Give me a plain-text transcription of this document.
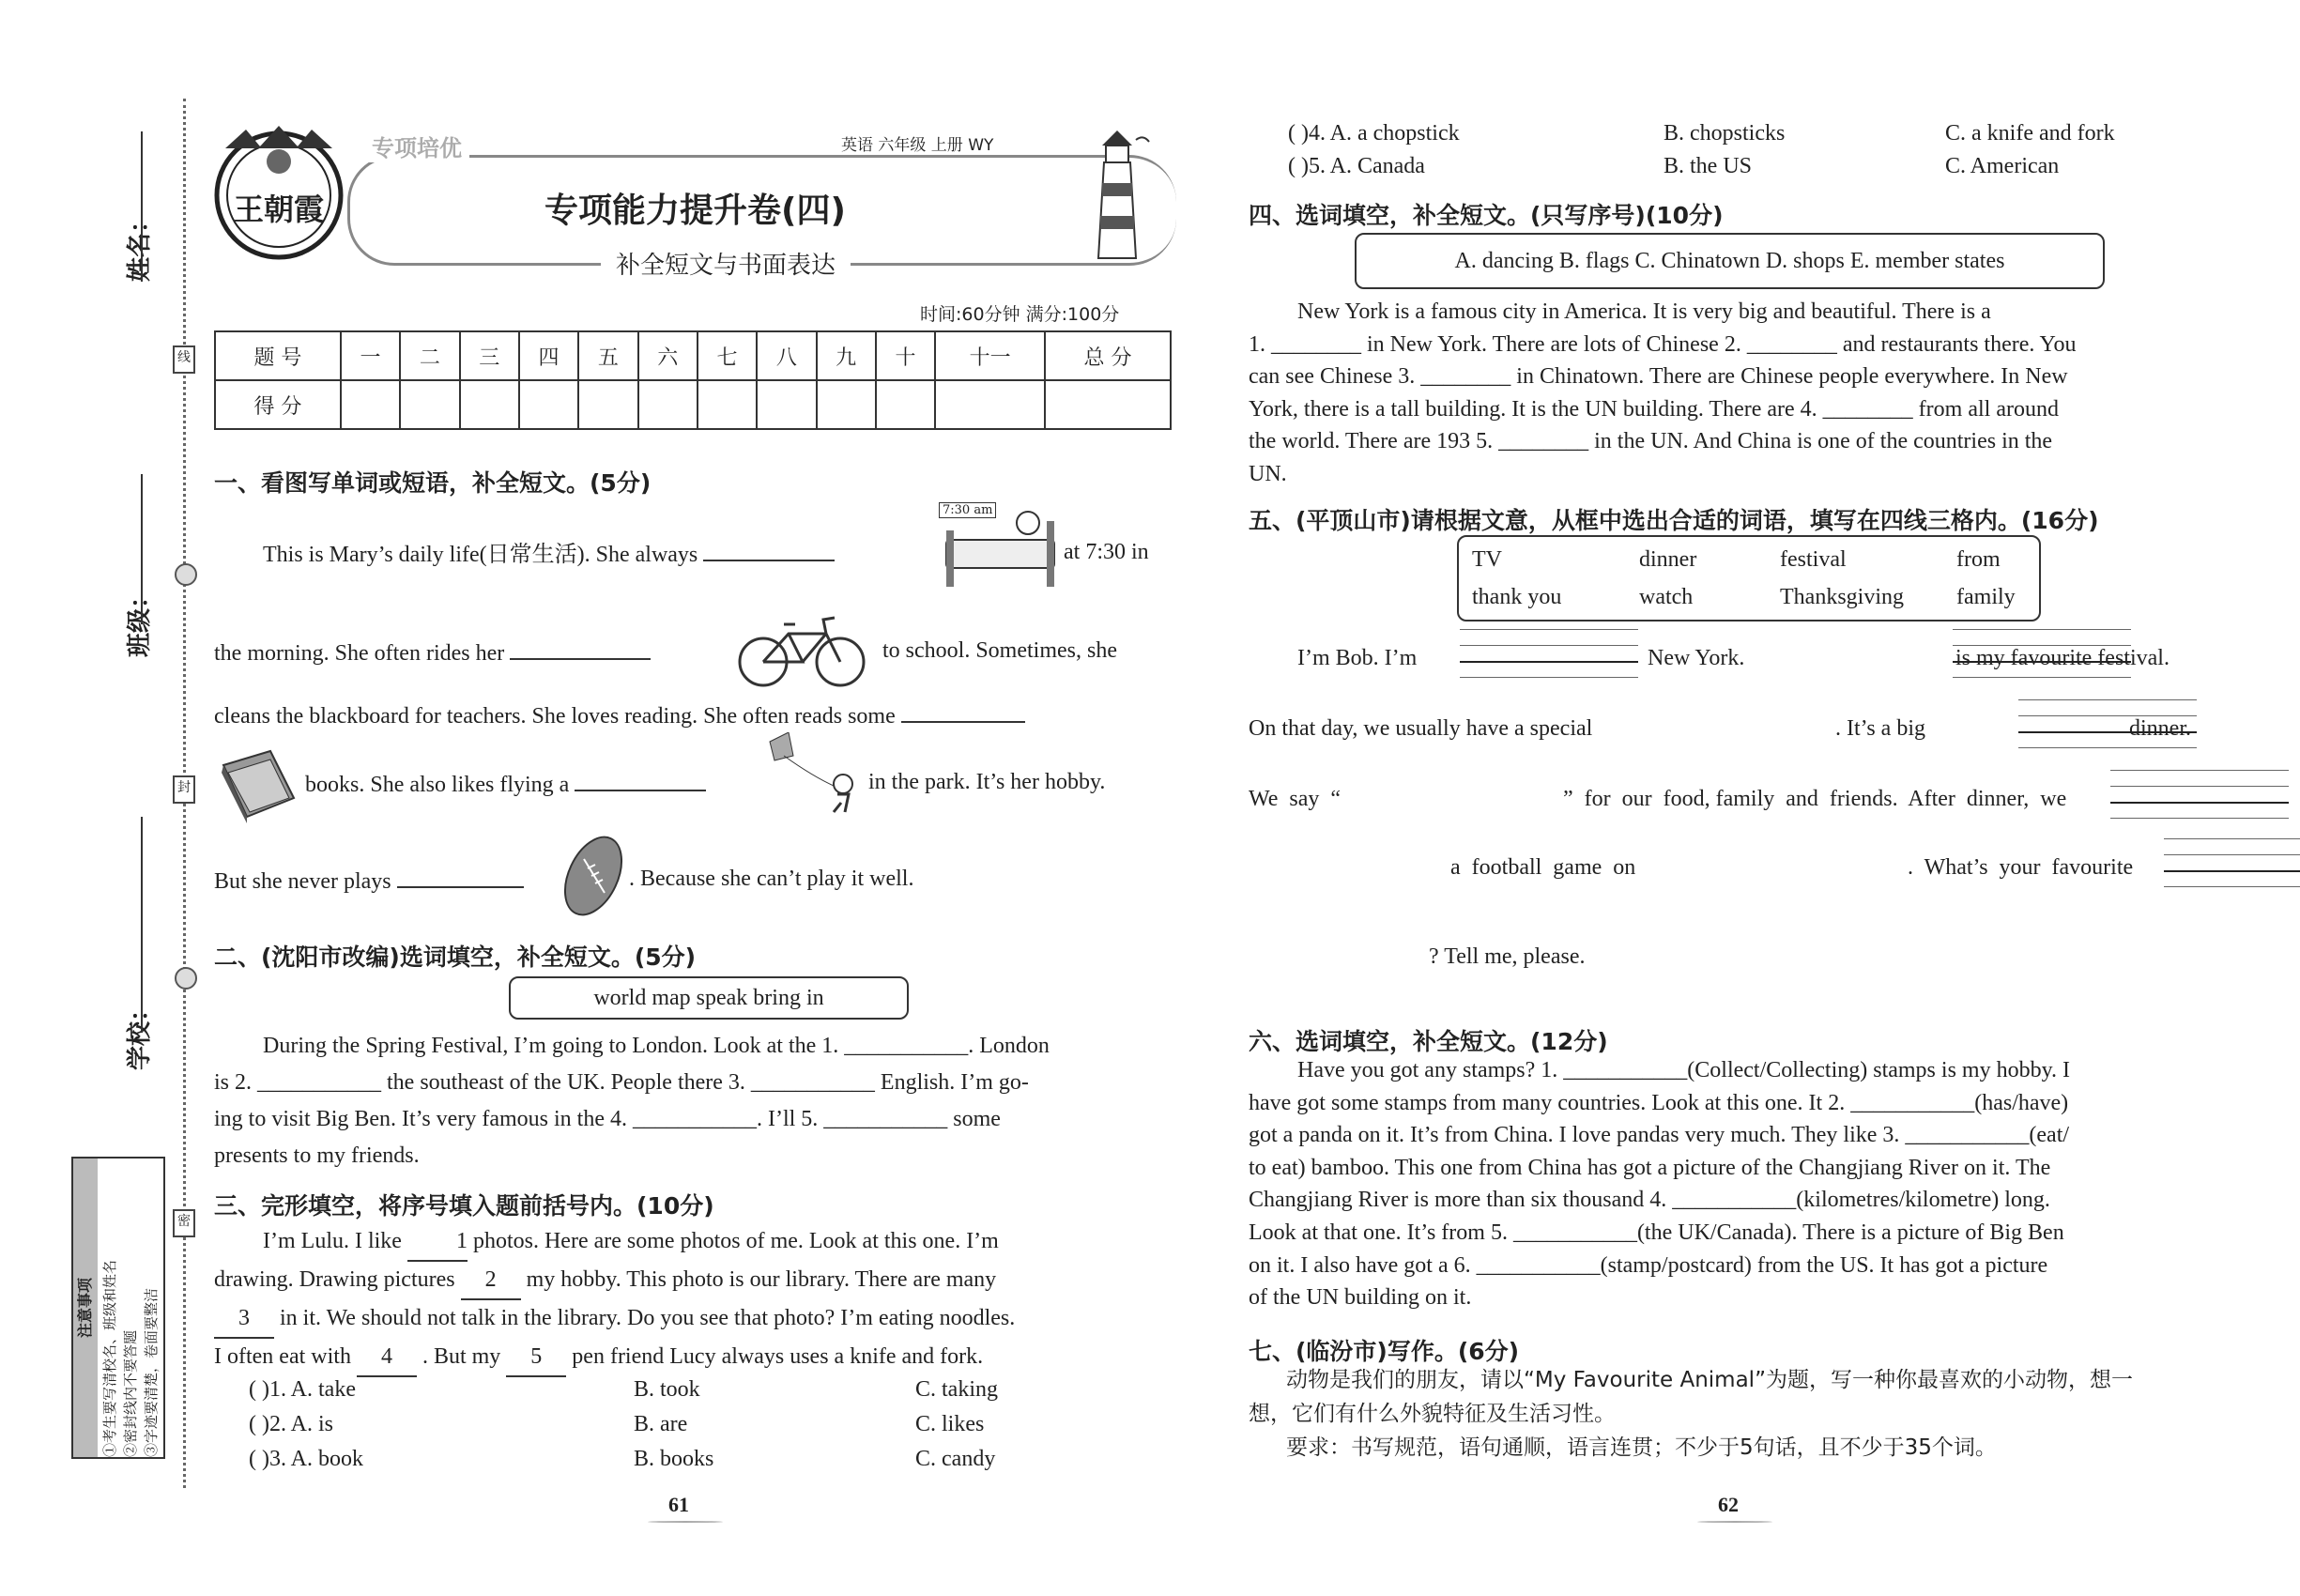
线
封
密
姓名：
班级：
学校：
注意事项 ①考生要写清校名、班级和姓名 ②密封线内不要答题 ③字迹要清楚，卷面要整洁
王朝霞
专项培优	英语 六年级 上册 WY
专项能力提升卷(四)
补全短文与书面表达
时间:60分钟 满分:100分
题 号	一	二	三	四	五	六	七	八	九	十	十一	总 分
得 分												
一、看图写单词或短语，补全短文。(5分)
This is Mary’s daily life(日常生活). She always
7:30 am
at 7:30 in
the morning. She often rides her	to school. Sometimes, she
cleans the blackboard for teachers. She loves reading. She often reads some
books. She also likes flying a	in the park. It’s her hobby.
But she never plays	. Because she can’t play it well.
二、(沈阳市改编)选词填空，补全短文。(5分)
world map speak bring in
During the Spring Festival, I’m going to London. Look at the 1. ___________. London
is 2. ___________ the southeast of the UK. People there 3. ___________ English. I’m go-
ing to visit Big Ben. It’s very famous in the 4. ___________. I’ll 5. ___________ some
presents to my friends.
三、完形填空，将序号填入题前括号内。(10分)
I’m Lulu. I like 1 photos. Here are some photos of me. Look at this one. I’m
drawing. Drawing pictures 2 my hobby. This photo is our library. There are many
3 in it. We should not talk in the library. Do you see that photo? I’m eating noodles.
I often eat with 4 . But my 5 pen friend Lucy always uses a knife and fork.
( )1. A. take	B. took	C. taking
( )2. A. is	B. are	C. likes
( )3. A. book	B. books	C. candy
61
( )4. A. a chopstick	B. chopsticks	C. a knife and fork
( )5. A. Canada	B. the US	C. American
四、选词填空，补全短文。(只写序号)(10分)
A. dancing B. flags C. Chinatown D. shops E. member states
New York is a famous city in America. It is very big and beautiful. There is a
1. ________ in New York. There are lots of Chinese 2. ________ and restaurants there. You
can see Chinese 3. ________ in Chinatown. There are Chinese people everywhere. In New
York, there is a tall building. It is the UN building. There are 4. ________ from all around
the world. There are 193 5. ________ in the UN. And China is one of the countries in the
UN.
五、(平顶山市)请根据文意，从框中选出合适的词语，填写在四线三格内。(16分)
TV	dinner	festival	from
thank you	watch	Thanksgiving family
I’m Bob. I’m
	New York.
	is my favourite festival.
On that day, we usually have a special
	. It’s a big
	dinner.
We  say  “
	”  for  our  food, family  and  friends.  After  dinner,  we

a  football  game  on
	.  What’s  your  favourite
? Tell me, please.
六、选词填空，补全短文。(12分)
Have you got any stamps? 1. ___________(Collect/Collecting) stamps is my hobby. I
have got some stamps from many countries. Look at this one. It 2. ___________(has/have)
got a panda on it. It’s from China. I love pandas very much. They like 3. ___________(eat/
to eat) bamboo. This one from China has got a picture of the Changjiang River on it. The
Changjiang River is more than six thousand 4. ___________(kilometres/kilometre) long.
Look at that one. It’s from 5. ___________(the UK/Canada). There is a picture of Big Ben
on it. I also have got a 6. ___________(stamp/postcard) from the US. It has got a picture
of the UN building on it.
七、(临汾市)写作。(6分)
动物是我们的朋友，请以“My Favourite Animal”为题，写一种你最喜欢的小动物，想一
想，它们有什么外貌特征及生活习性。
要求：书写规范，语句通顺，语言连贯；不少于5句话，且不少于35个词。
62
